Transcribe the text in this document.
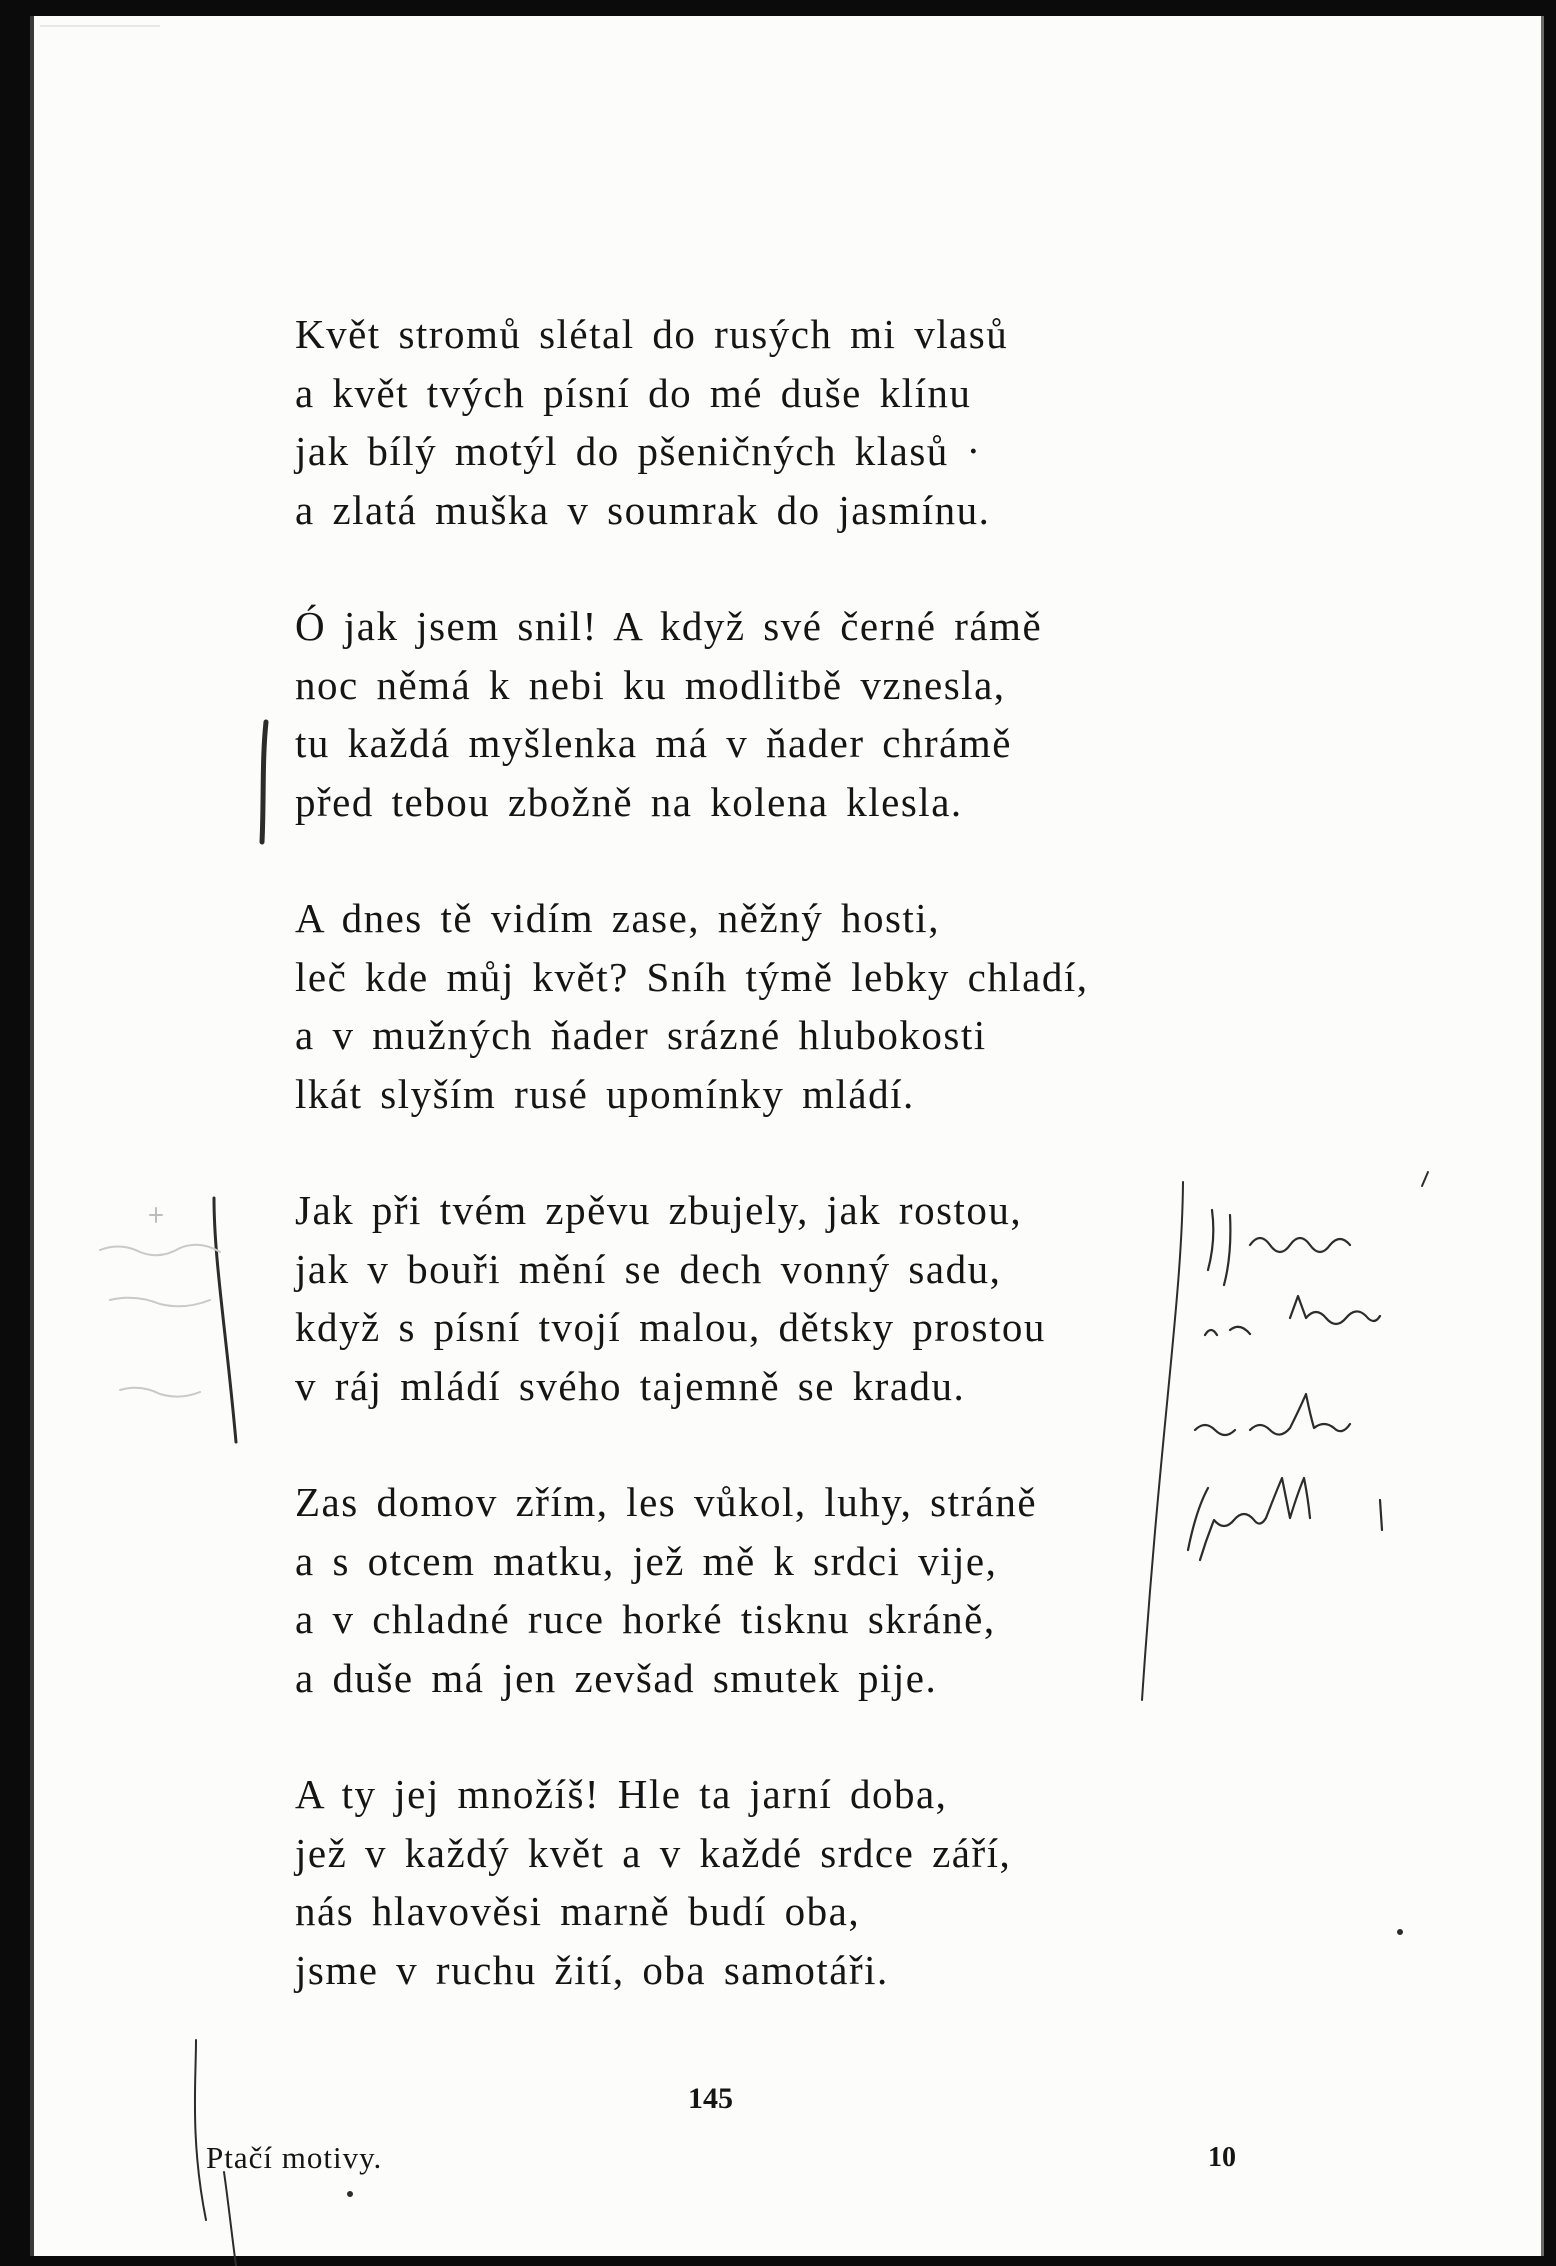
Květ stromů slétal do rusých mi vlasů
a květ tvých písní do mé duše klínu
jak bílý motýl do pšeničných klasů ·
a zlatá muška v soumrak do jasmínu.
Ó jak jsem snil! A když své černé rámě
noc němá k nebi ku modlitbě vznesla,
tu každá myšlenka má v ňader chrámě
před tebou zbožně na kolena klesla.
A dnes tě vidím zase, něžný hosti,
leč kde můj květ? Sníh týmě lebky chladí,
a v mužných ňader srázné hlubokosti
lkát slyším rusé upomínky mládí.
Jak při tvém zpěvu zbujely, jak rostou,
jak v bouři mění se dech vonný sadu,
když s písní tvojí malou, dětsky prostou
v ráj mládí svého tajemně se kradu.
Zas domov zřím, les vůkol, luhy, stráně
a s otcem matku, jež mě k srdci vije,
a v chladné ruce horké tisknu skráně,
a duše má jen zevšad smutek pije.
A ty jej množíš! Hle ta jarní doba,
jež v každý květ a v každé srdce září,
nás hlavověsi marně budí oba,
jsme v ruchu žití, oba samotáři.
145
Ptačí motivy.	10
